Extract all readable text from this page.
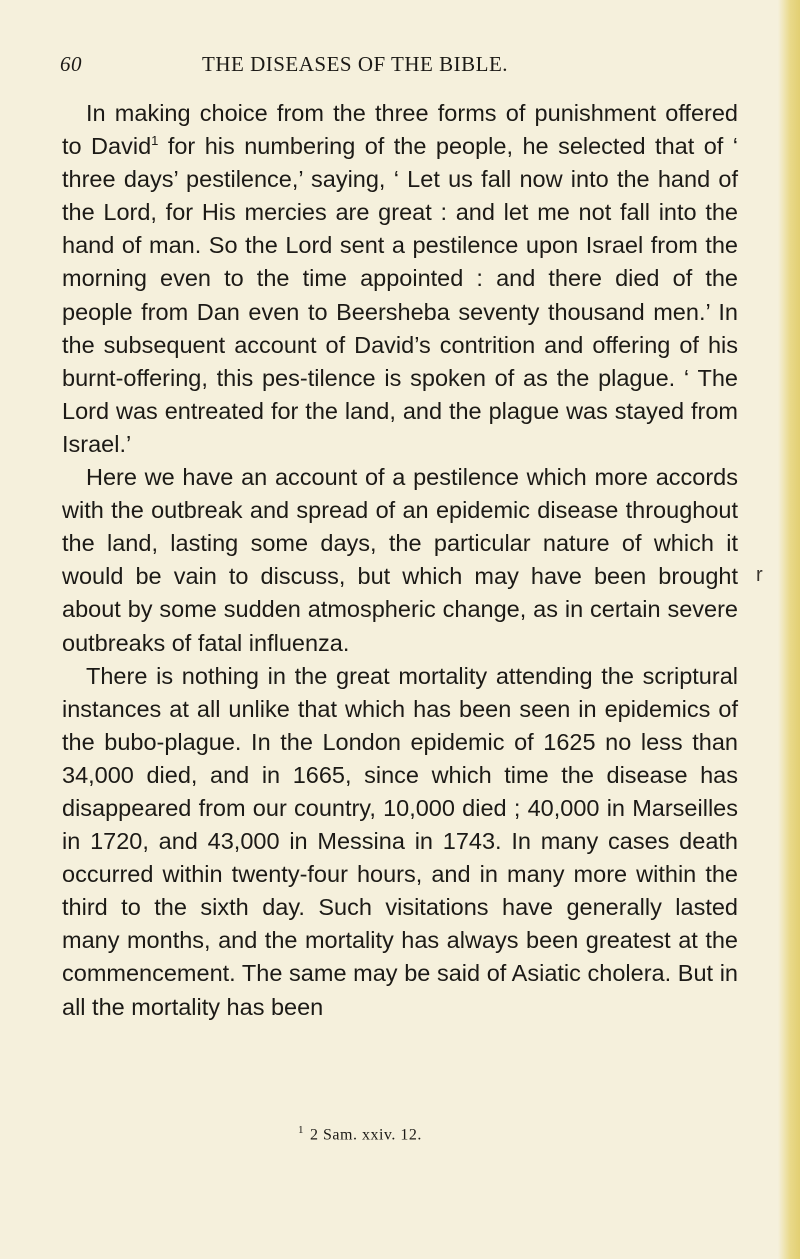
60	THE DISEASES OF THE BIBLE.

In making choice from the three forms of punishment offered to David$^1$ for his numbering of the people, he selected that of ‘ three days’ pestilence,’ saying, ‘ Let us fall now into the hand of the Lord, for His mercies are great : and let me not fall into the hand of man. So the Lord sent a pestilence upon Israel from the morning even to the time appointed : and there died of the people from Dan even to Beersheba seventy thousand men.’ In the subsequent account of David’s contrition and offering of his burnt-offering, this pes-tilence is spoken of as the plague. ‘ The Lord was entreated for the land, and the plague was stayed from Israel.’

Here we have an account of a pestilence which more accords with the outbreak and spread of an epidemic disease throughout the land, lasting some days, the particular nature of which it would be vain to discuss, but which may have been brought about by some sudden atmospheric change, as in certain severe outbreaks of fatal influenza.

There is nothing in the great mortality attending the scriptural instances at all unlike that which has been seen in epidemics of the bubo-plague. In the London epidemic of 1625 no less than 34,000 died, and in 1665, since which time the disease has disappeared from our country, 10,000 died ; 40,000 in Marseilles in 1720, and 43,000 in Messina in 1743. In many cases death occurred within twenty-four hours, and in many more within the third to the sixth day. Such visitations have generally lasted many months, and the mortality has always been greatest at the commencement. The same may be said of Asiatic cholera. But in all the mortality has been

r
$^1$ 2 Sam. xxiv. 12.
